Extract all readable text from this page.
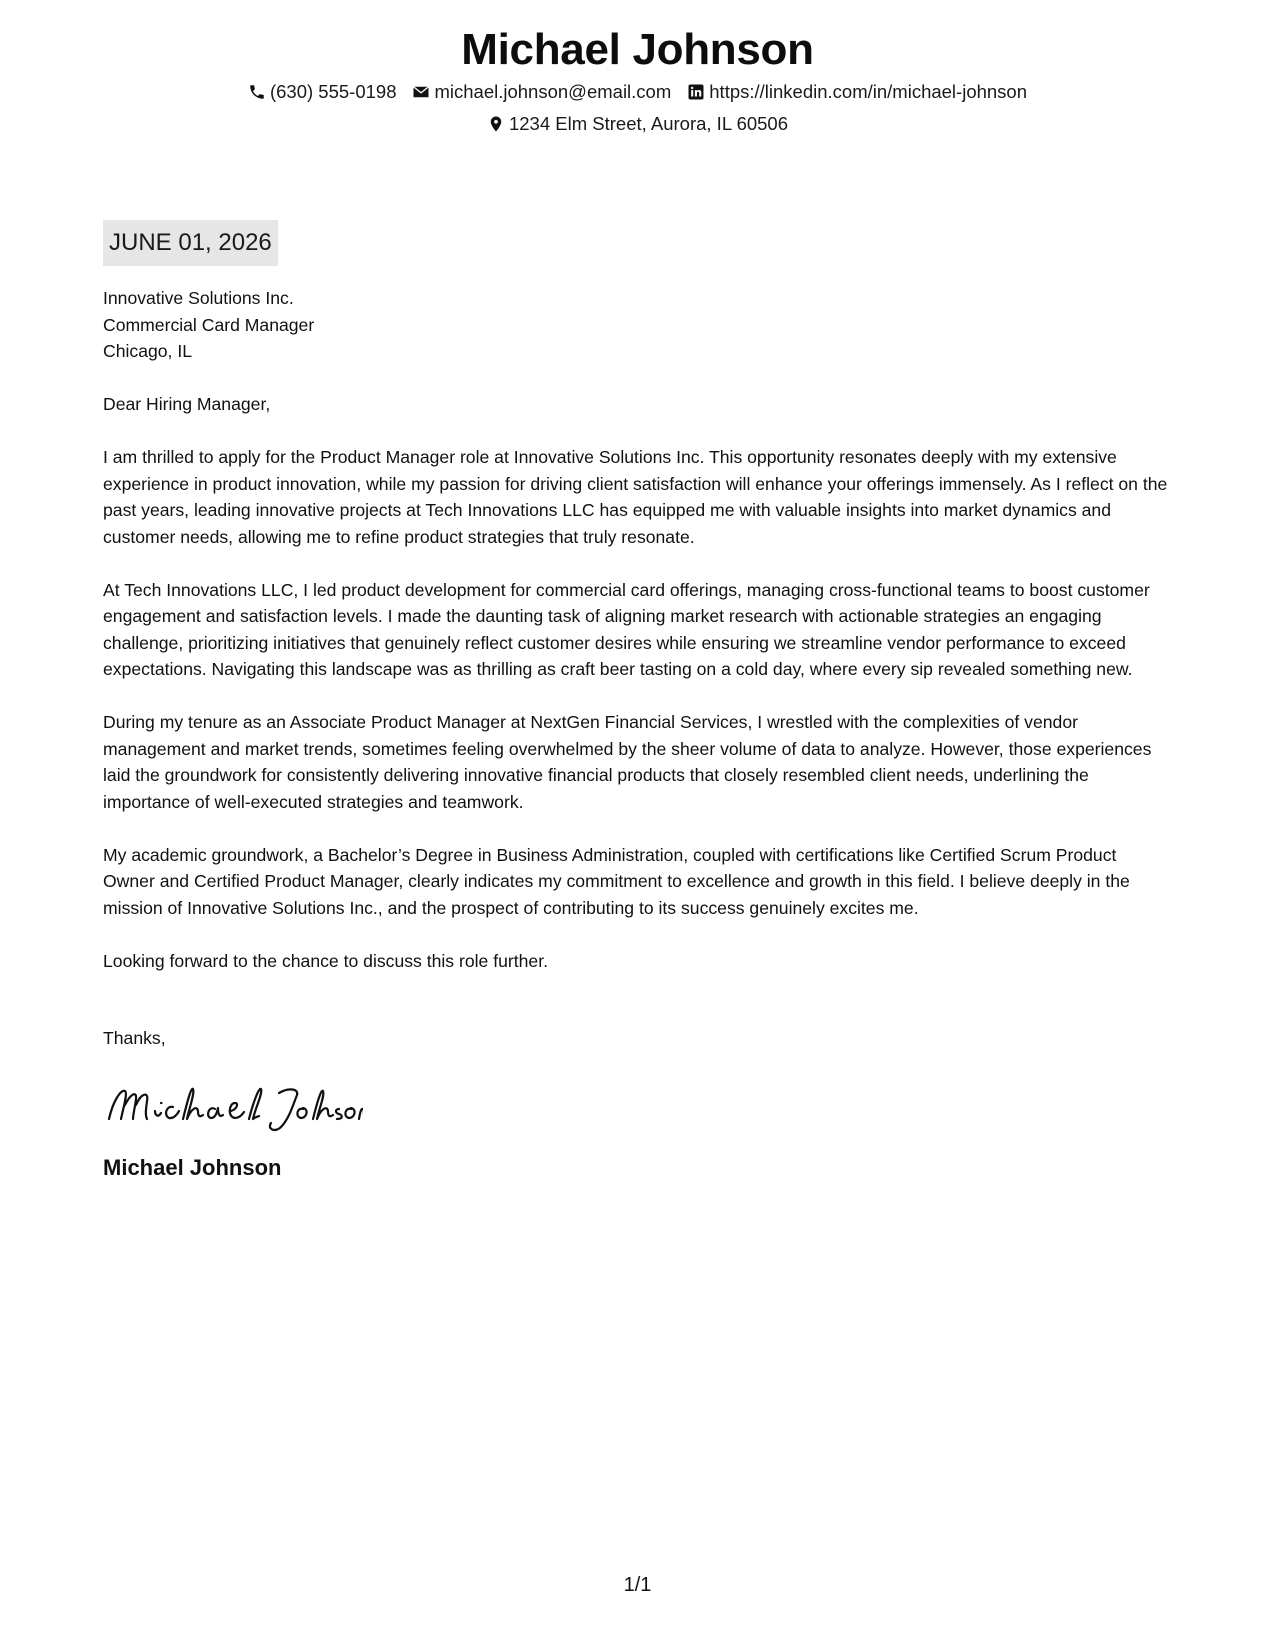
Michael Johnson
(630) 555-0198 michael.johnson@email.com https://linkedin.com/in/michael-johnson
1234 Elm Street, Aurora, IL 60506
JUNE 01, 2026
Innovative Solutions Inc.
Commercial Card Manager
Chicago, IL

Dear Hiring Manager,

I am thrilled to apply for the Product Manager role at Innovative Solutions Inc. This opportunity resonates deeply with my extensive experience in product innovation, while my passion for driving client satisfaction will enhance your offerings immensely. As I reflect on the past years, leading innovative projects at Tech Innovations LLC has equipped me with valuable insights into market dynamics and customer needs, allowing me to refine product strategies that truly resonate.

At Tech Innovations LLC, I led product development for commercial card offerings, managing cross-functional teams to boost customer engagement and satisfaction levels. I made the daunting task of aligning market research with actionable strategies an engaging challenge, prioritizing initiatives that genuinely reflect customer desires while ensuring we streamline vendor performance to exceed expectations. Navigating this landscape was as thrilling as craft beer tasting on a cold day, where every sip revealed something new.

During my tenure as an Associate Product Manager at NextGen Financial Services, I wrestled with the complexities of vendor management and market trends, sometimes feeling overwhelmed by the sheer volume of data to analyze. However, those experiences laid the groundwork for consistently delivering innovative financial products that closely resembled client needs, underlining the importance of well-executed strategies and teamwork.

My academic groundwork, a Bachelor’s Degree in Business Administration, coupled with certifications like Certified Scrum Product Owner and Certified Product Manager, clearly indicates my commitment to excellence and growth in this field. I believe deeply in the mission of Innovative Solutions Inc., and the prospect of contributing to its success genuinely excites me.

Looking forward to the chance to discuss this role further.

Thanks,
Michael Johnson
1/1
